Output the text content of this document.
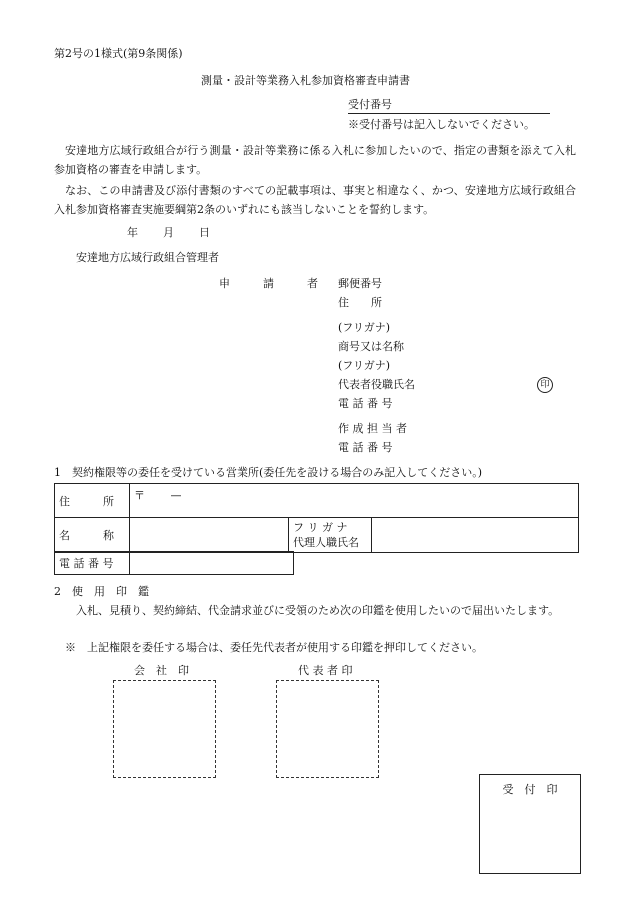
第2号の1様式(第9条関係)
測量・設計等業務入札参加資格審査申請書
受付番号
※受付番号は記入しないでください。
安達地方広域行政組合が行う測量・設計等業務に係る入札に参加したいので、指定の書類を添えて入札参加資格の審査を申請します。
なお、この申請書及び添付書類のすべての記載事項は、事実と相違なく、かつ、安達地方広域行政組合入札参加資格審査実施要綱第2条のいずれにも該当しないことを誓約します。
年 月 日
安達地方広域行政組合管理者
申　　　請　　　者	郵便番号
住　　所
(フリガナ)
商号又は名称
(フリガナ)
代表者役職氏名	印
電 話 番 号
作 成 担 当 者
電 話 番 号
1　契約権限等の委任を受けている営業所(委任先を設ける場合のみ記入してください。)
住　　　所	〒 —		
名　　　称		フ リ ガ ナ
代理人職氏名	

電 話 番 号	
2　使　用　印　鑑
入札、見積り、契約締結、代金請求並びに受領のため次の印鑑を使用したいので届出いたします。
※　上記権限を委任する場合は、委任先代表者が使用する印鑑を押印してください。
会　社　印	代 表 者 印
受　付　印
